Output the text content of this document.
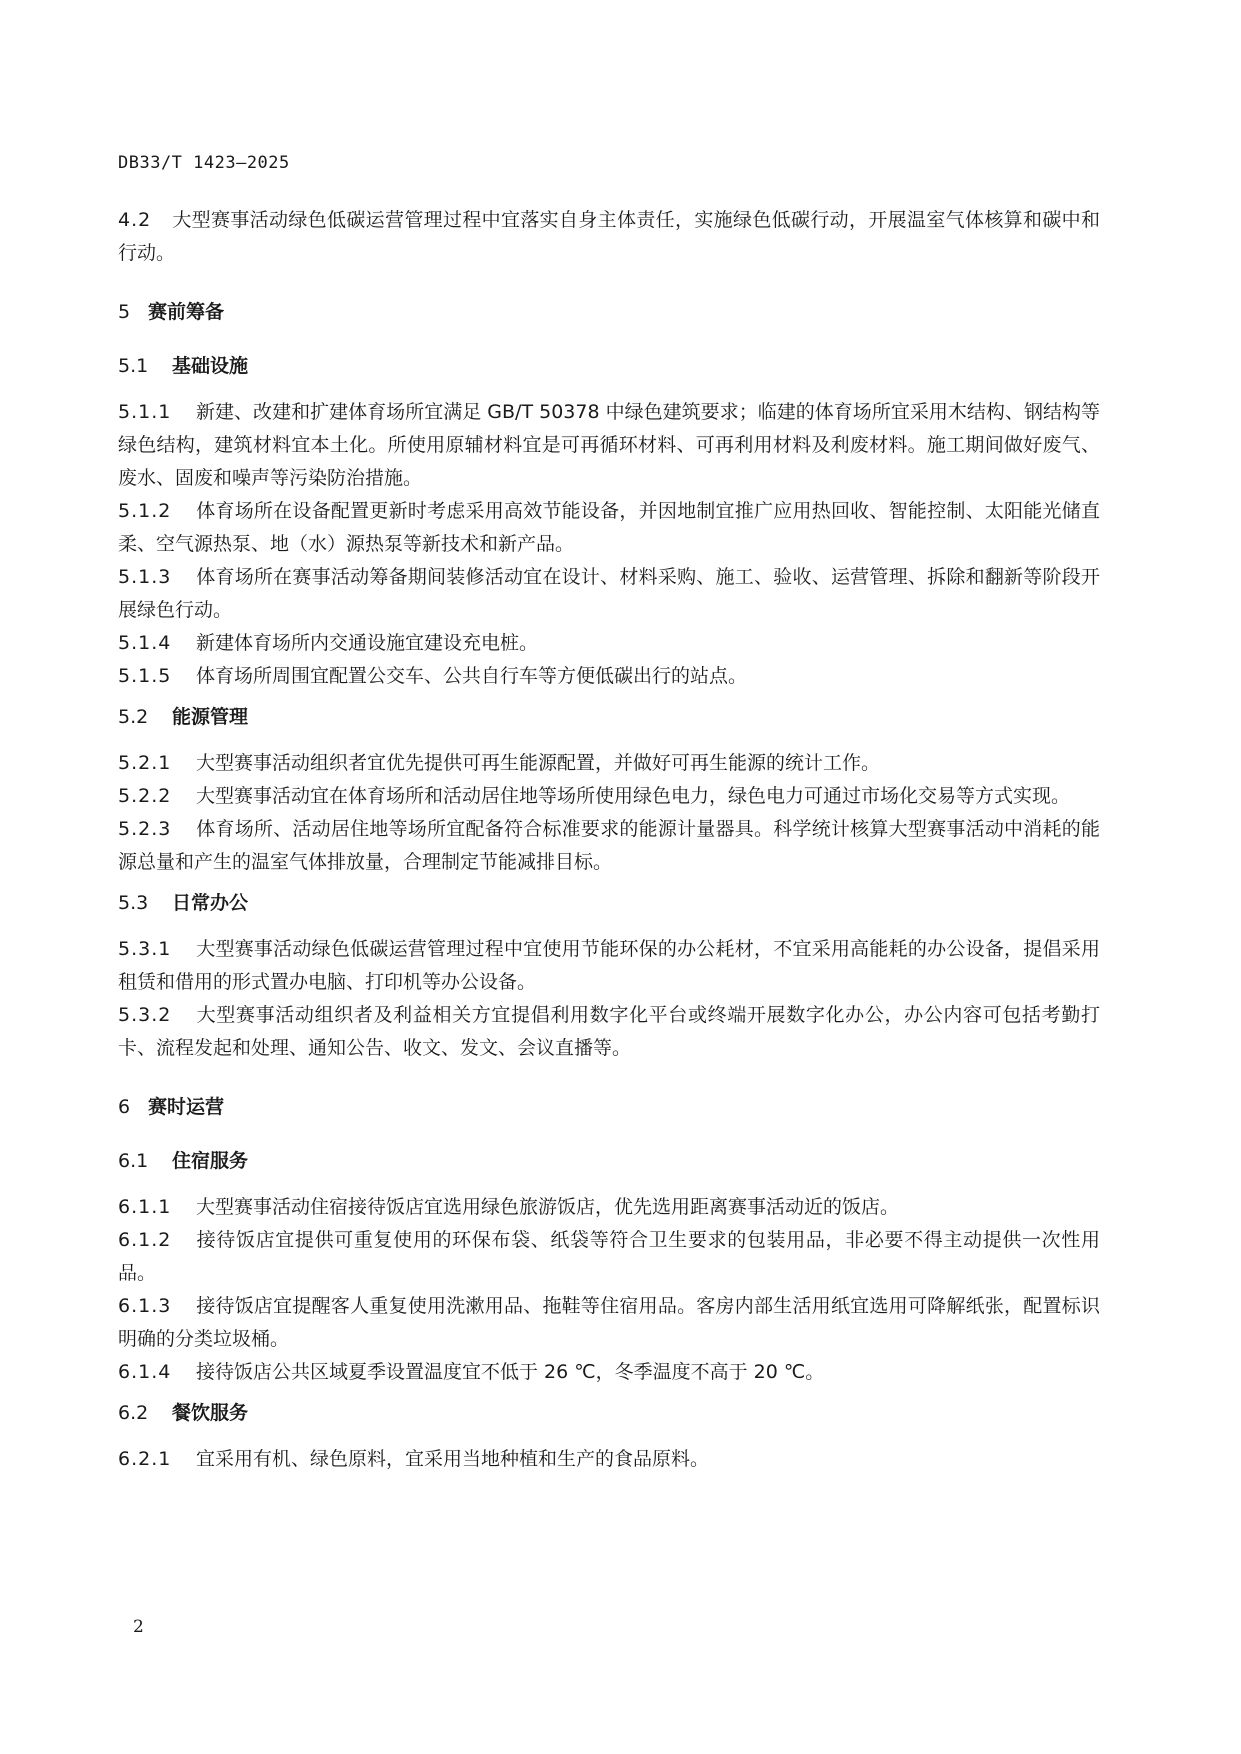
DB33/T 1423—2025
4.2 大型赛事活动绿色低碳运营管理过程中宜落实自身主体责任，实施绿色低碳行动，开展温室气体核算和碳中和行动。
5 赛前筹备
5.1 基础设施
5.1.1 新建、改建和扩建体育场所宜满足 GB/T 50378 中绿色建筑要求；临建的体育场所宜采用木结构、钢结构等绿色结构，建筑材料宜本土化。所使用原辅材料宜是可再循环材料、可再利用材料及利废材料。施工期间做好废气、废水、固废和噪声等污染防治措施。
5.1.2 体育场所在设备配置更新时考虑采用高效节能设备，并因地制宜推广应用热回收、智能控制、太阳能光储直柔、空气源热泵、地（水）源热泵等新技术和新产品。
5.1.3 体育场所在赛事活动筹备期间装修活动宜在设计、材料采购、施工、验收、运营管理、拆除和翻新等阶段开展绿色行动。
5.1.4 新建体育场所内交通设施宜建设充电桩。
5.1.5 体育场所周围宜配置公交车、公共自行车等方便低碳出行的站点。
5.2 能源管理
5.2.1 大型赛事活动组织者宜优先提供可再生能源配置，并做好可再生能源的统计工作。
5.2.2 大型赛事活动宜在体育场所和活动居住地等场所使用绿色电力，绿色电力可通过市场化交易等方式实现。
5.2.3 体育场所、活动居住地等场所宜配备符合标准要求的能源计量器具。科学统计核算大型赛事活动中消耗的能源总量和产生的温室气体排放量，合理制定节能减排目标。
5.3 日常办公
5.3.1 大型赛事活动绿色低碳运营管理过程中宜使用节能环保的办公耗材，不宜采用高能耗的办公设备，提倡采用租赁和借用的形式置办电脑、打印机等办公设备。
5.3.2 大型赛事活动组织者及利益相关方宜提倡利用数字化平台或终端开展数字化办公，办公内容可包括考勤打卡、流程发起和处理、通知公告、收文、发文、会议直播等。
6 赛时运营
6.1 住宿服务
6.1.1 大型赛事活动住宿接待饭店宜选用绿色旅游饭店，优先选用距离赛事活动近的饭店。
6.1.2 接待饭店宜提供可重复使用的环保布袋、纸袋等符合卫生要求的包装用品，非必要不得主动提供一次性用品。
6.1.3 接待饭店宜提醒客人重复使用洗漱用品、拖鞋等住宿用品。客房内部生活用纸宜选用可降解纸张，配置标识明确的分类垃圾桶。
6.1.4 接待饭店公共区域夏季设置温度宜不低于 26 ℃，冬季温度不高于 20 ℃。
6.2 餐饮服务
6.2.1 宜采用有机、绿色原料，宜采用当地种植和生产的食品原料。
2
